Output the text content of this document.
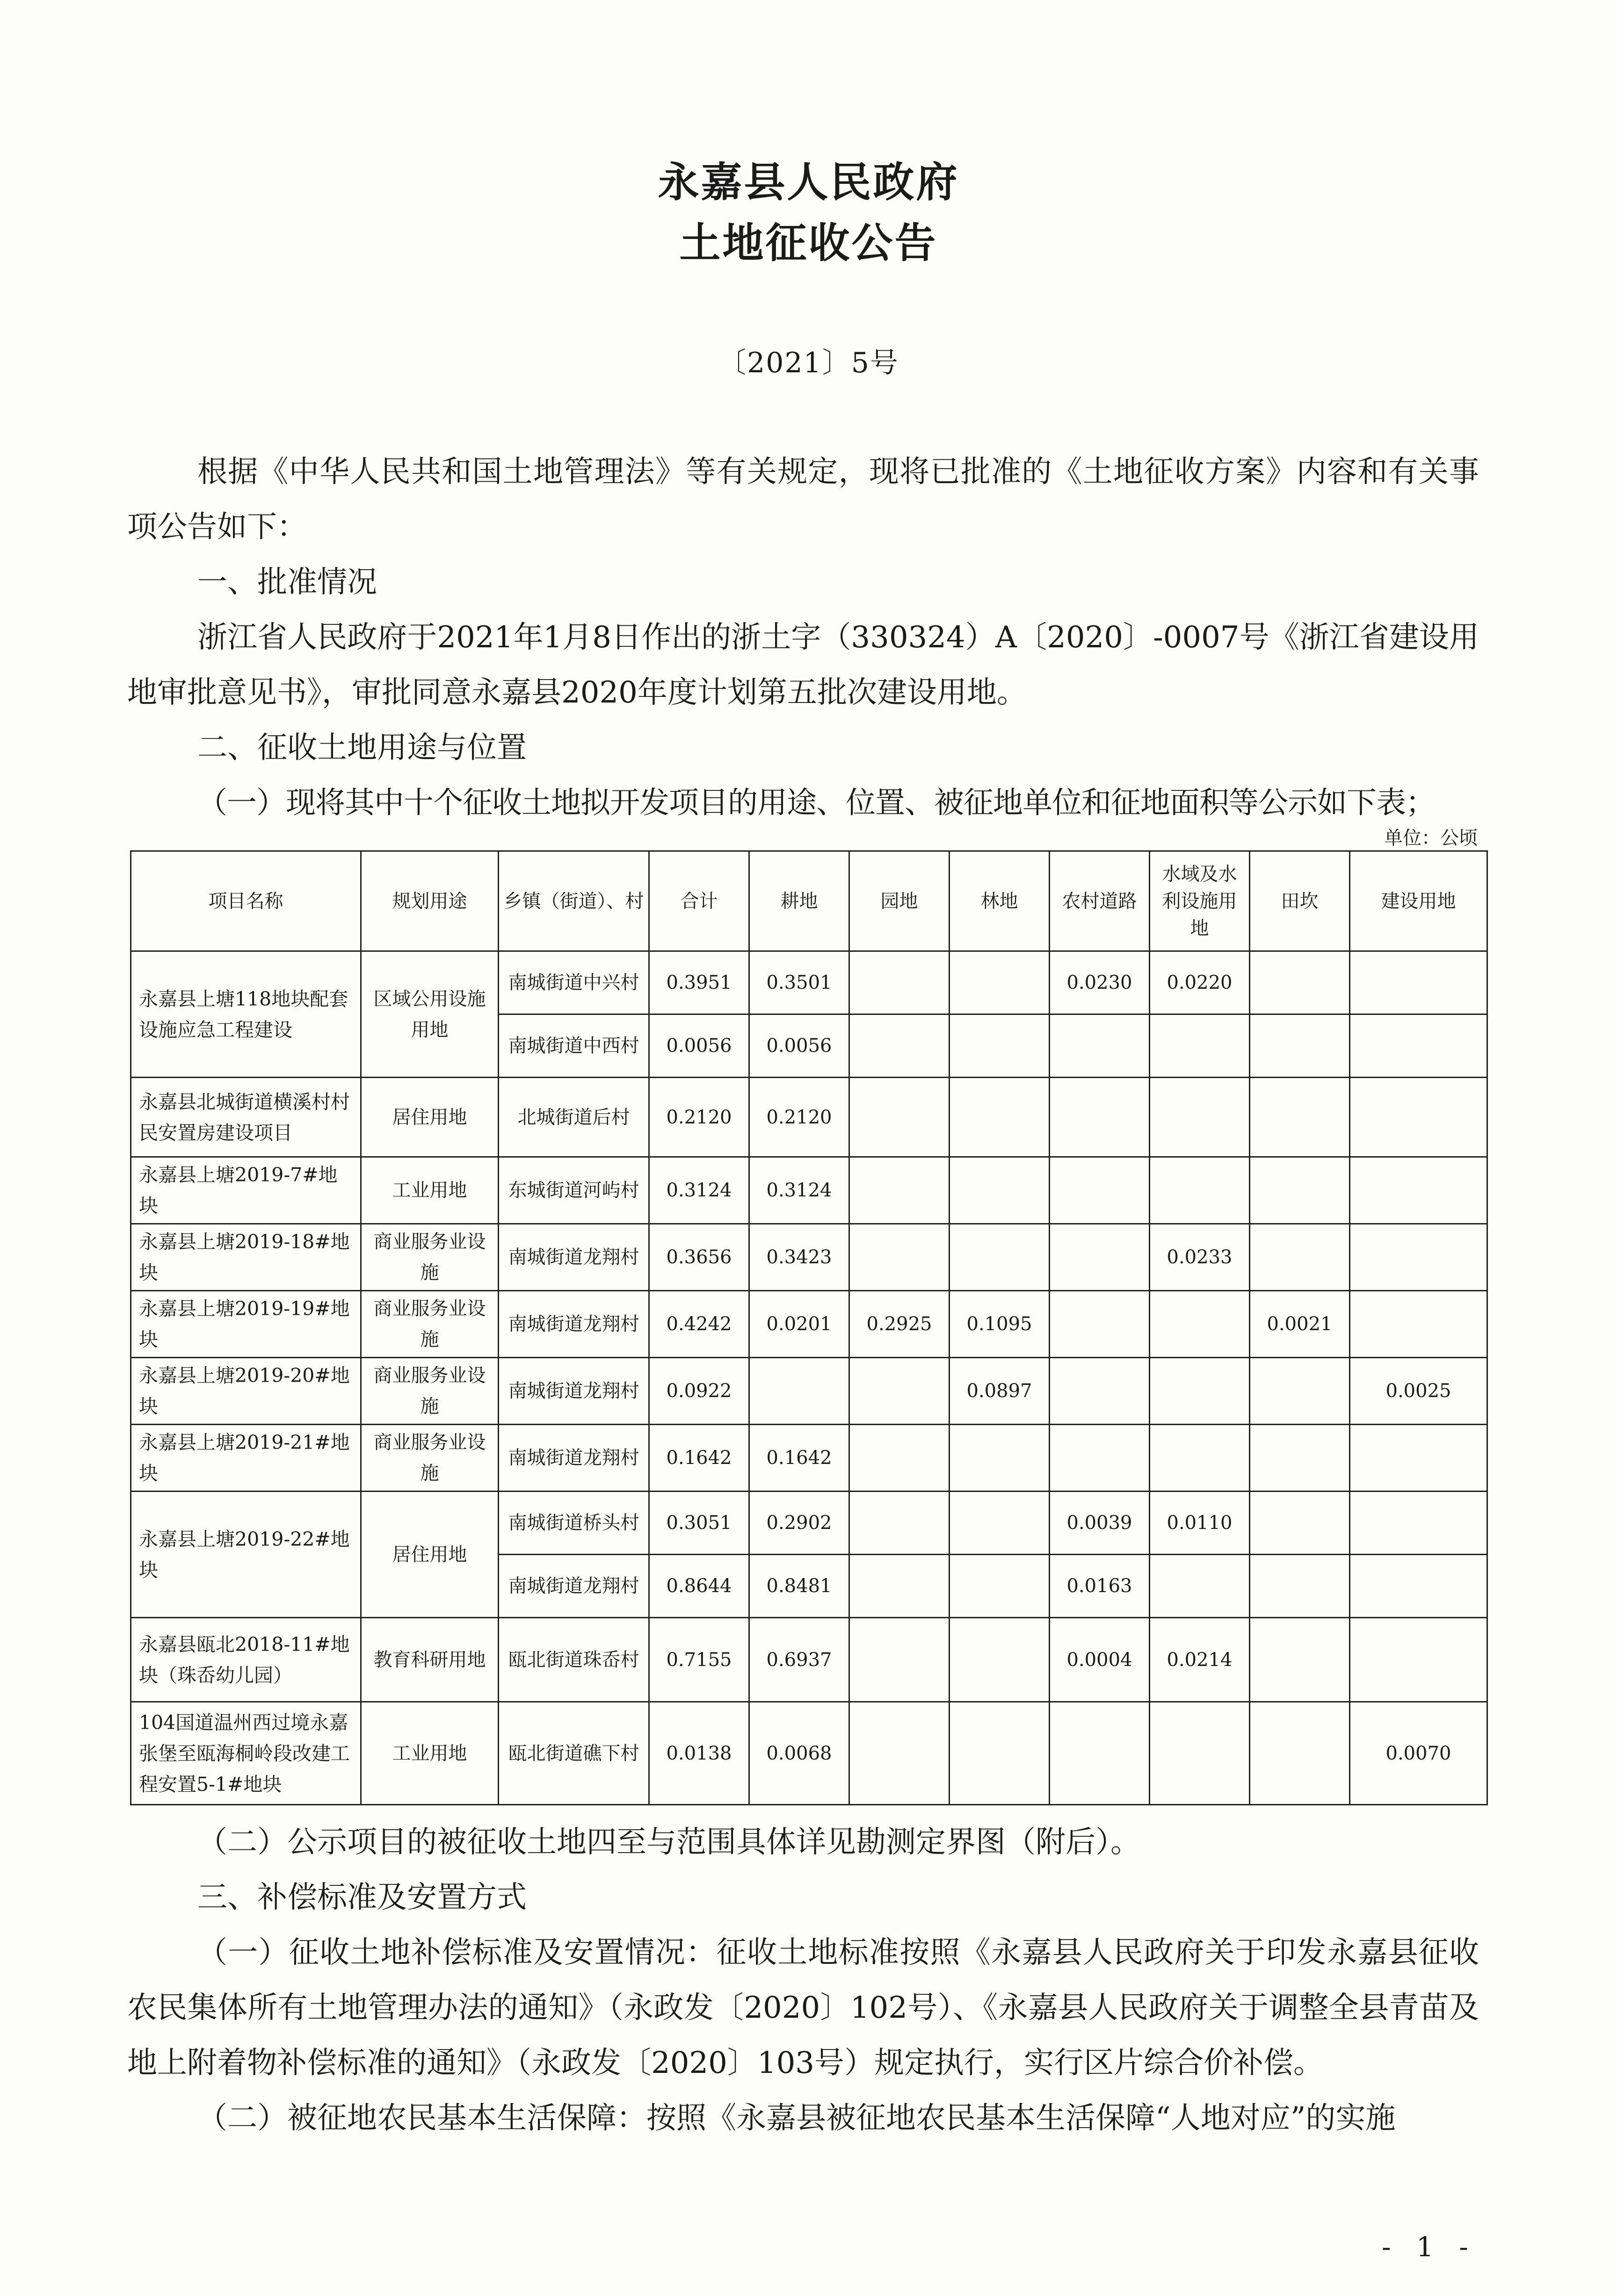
永嘉县人民政府
土地征收公告
〔2021〕5号

根据《中华人民共和国土地管理法》等有关规定，现将已批准的《土地征收方案》内容和有关事项公告如下：

一、批准情况

浙江省人民政府于2021年1月8日作出的浙土字（330324）A〔2020〕-0007号《浙江省建设用地审批意见书》，审批同意永嘉县2020年度计划第五批次建设用地。

二、征收土地用途与位置

（一）现将其中十个征收土地拟开发项目的用途、位置、被征地单位和征地面积等公示如下表；

单位：公顷
项目名称	规划用途	乡镇（街道）、村	合计	耕地	园地	林地	农村道路	水域及水利设施用地	田坎	建设用地
永嘉县上塘118地块配套设施应急工程建设	区域公用设施用地	南城街道中兴村	0.3951	0.3501			0.0230	0.0220		
		南城街道中西村	0.0056	0.0056						
永嘉县北城街道横溪村村民安置房建设项目	居住用地	北城街道后村	0.2120	0.2120						
永嘉县上塘2019-7#地块	工业用地	东城街道河屿村	0.3124	0.3124						
永嘉县上塘2019-18#地块	商业服务业设施	南城街道龙翔村	0.3656	0.3423				0.0233		
永嘉县上塘2019-19#地块	商业服务业设施	南城街道龙翔村	0.4242	0.0201	0.2925	0.1095			0.0021	
永嘉县上塘2019-20#地块	商业服务业设施	南城街道龙翔村	0.0922			0.0897				0.0025
永嘉县上塘2019-21#地块	商业服务业设施	南城街道龙翔村	0.1642	0.1642						
永嘉县上塘2019-22#地块	居住用地	南城街道桥头村	0.3051	0.2902			0.0039	0.0110		
		南城街道龙翔村	0.8644	0.8481			0.0163			
永嘉县瓯北2018-11#地块（珠岙幼儿园）	教育科研用地	瓯北街道珠岙村	0.7155	0.6937			0.0004	0.0214		
104国道温州西过境永嘉张堡至瓯海桐岭段改建工程安置5-1#地块	工业用地	瓯北街道礁下村	0.0138	0.0068						0.0070

（二）公示项目的被征收土地四至与范围具体详见勘测定界图（附后）。

三、补偿标准及安置方式

（一）征收土地补偿标准及安置情况：征收土地标准按照《永嘉县人民政府关于印发永嘉县征收农民集体所有土地管理办法的通知》（永政发〔2020〕102号）、《永嘉县人民政府关于调整全县青苗及地上附着物补偿标准的通知》（永政发〔2020〕103号）规定执行，实行区片综合价补偿。

（二）被征地农民基本生活保障：按照《永嘉县被征地农民基本生活保障“人地对应”的实施

- 1 -
